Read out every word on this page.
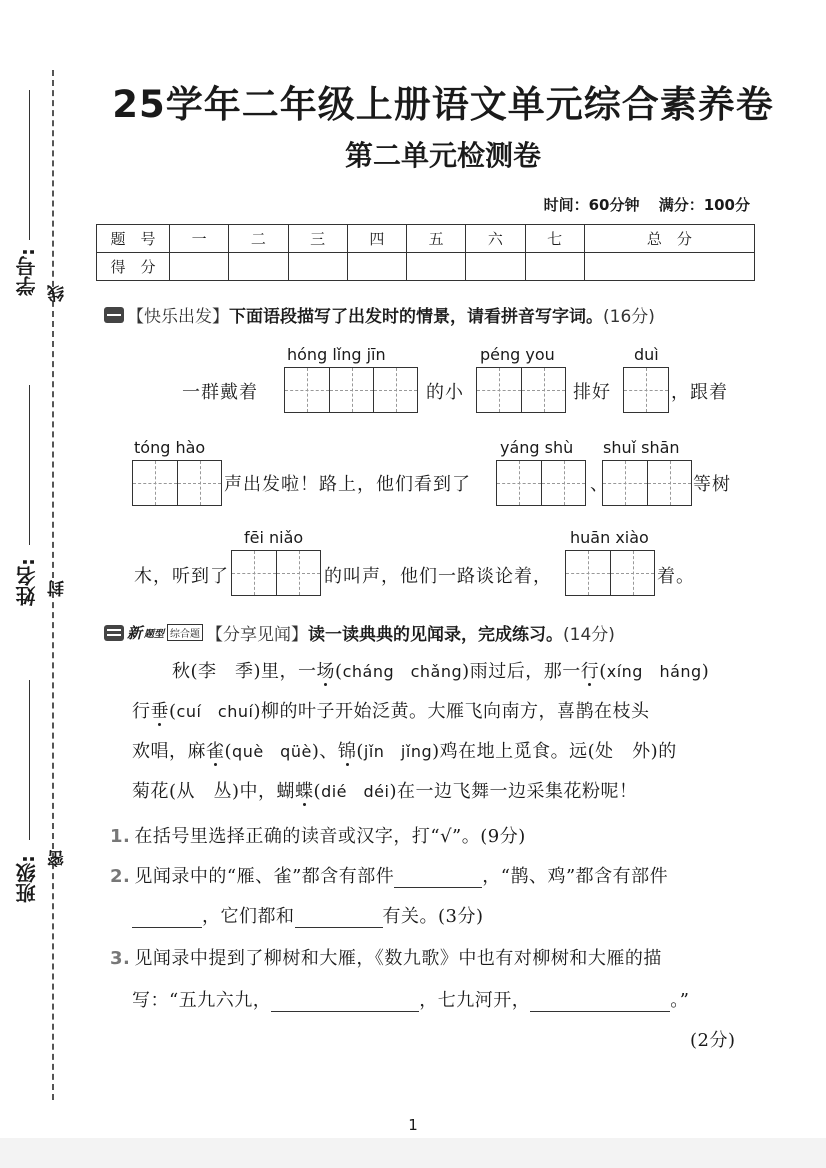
学号: 线
姓名: 封
班级: 密
25学年二年级上册语文单元综合素养卷
第二单元检测卷
时间：60分钟 满分：100分
题　号	一	二	三	四	五	六	七	总　分
得　分								
【快乐出发】 下面语段描写了出发时的情景，请看拼音写字词。 (16分)
hóng lǐng jīn	péng you	duì
一群戴着	的小	排好	，跟着
tóng hào	yáng shù shuǐ shān
声出发啦！路上，他们看到了	、	等树
fēi niǎo	huān xiào
木，听到了	的叫声，他们一路谈论着，	着。
新 题型 综合题 【分享见闻】 读一读典典的见闻录，完成练习。 (14分)
秋(李　季)里，一场(cháng　chǎng)雨过后，那一行(xíng　háng)
行垂(cuí　chuí)柳的叶子开始泛黄。大雁飞向南方，喜鹊在枝头
欢唱，麻雀(què　qüè)、锦(jǐn　jǐng)鸡在地上觅食。远(处　外)的
菊花(从　丛)中，蝴蝶(dié　déi)在一边飞舞一边采集花粉呢！
1. 在括号里选择正确的读音或汉字，打“√”。(9分)
2. 见闻录中的“雁、雀”都含有部件	，“鹊、鸡”都含有部件
，它们都和	有关。(3分)
3. 见闻录中提到了柳树和大雁，《数九歌》中也有对柳树和大雁的描
写：“五九六九，	，七九河开，	。”
(2分)
1
